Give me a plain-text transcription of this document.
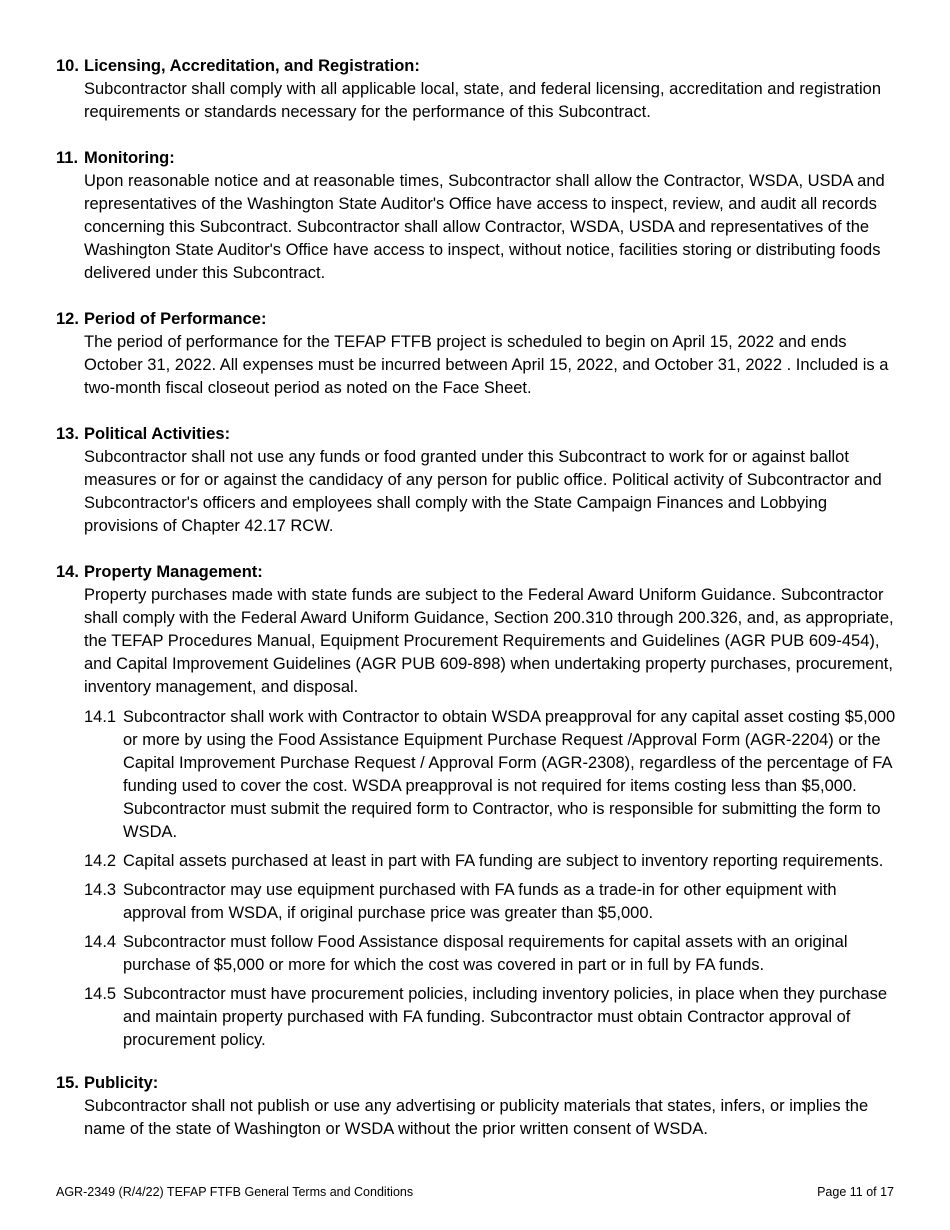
10. Licensing, Accreditation, and Registration:
Subcontractor shall comply with all applicable local, state, and federal licensing, accreditation and registration requirements or standards necessary for the performance of this Subcontract.
11. Monitoring:
Upon reasonable notice and at reasonable times, Subcontractor shall allow the Contractor, WSDA, USDA and representatives of the Washington State Auditor's Office have access to inspect, review, and audit all records concerning this Subcontract. Subcontractor shall allow Contractor, WSDA, USDA and representatives of the Washington State Auditor's Office have access to inspect, without notice, facilities storing or distributing foods delivered under this Subcontract.
12. Period of Performance:
The period of performance for the TEFAP FTFB project is scheduled to begin on April 15, 2022 and ends October 31, 2022. All expenses must be incurred between April 15, 2022, and October 31, 2022 . Included is a two-month fiscal closeout period as noted on the Face Sheet.
13. Political Activities:
Subcontractor shall not use any funds or food granted under this Subcontract to work for or against ballot measures or for or against the candidacy of any person for public office. Political activity of Subcontractor and Subcontractor's officers and employees shall comply with the State Campaign Finances and Lobbying provisions of Chapter 42.17 RCW.
14. Property Management:
Property purchases made with state funds are subject to the Federal Award Uniform Guidance. Subcontractor shall comply with the Federal Award Uniform Guidance, Section 200.310 through 200.326, and, as appropriate, the TEFAP Procedures Manual, Equipment Procurement Requirements and Guidelines (AGR PUB 609-454), and Capital Improvement Guidelines (AGR PUB 609-898) when undertaking property purchases, procurement, inventory management, and disposal.
14.1 Subcontractor shall work with Contractor to obtain WSDA preapproval for any capital asset costing $5,000 or more by using the Food Assistance Equipment Purchase Request /Approval Form (AGR-2204) or the Capital Improvement Purchase Request / Approval Form (AGR-2308), regardless of the percentage of FA funding used to cover the cost. WSDA preapproval is not required for items costing less than $5,000. Subcontractor must submit the required form to Contractor, who is responsible for submitting the form to WSDA.
14.2 Capital assets purchased at least in part with FA funding are subject to inventory reporting requirements.
14.3 Subcontractor may use equipment purchased with FA funds as a trade-in for other equipment with approval from WSDA, if original purchase price was greater than $5,000.
14.4 Subcontractor must follow Food Assistance disposal requirements for capital assets with an original purchase of $5,000 or more for which the cost was covered in part or in full by FA funds.
14.5 Subcontractor must have procurement policies, including inventory policies, in place when they purchase and maintain property purchased with FA funding. Subcontractor must obtain Contractor approval of procurement policy.
15. Publicity:
Subcontractor shall not publish or use any advertising or publicity materials that states, infers, or implies the name of the state of Washington or WSDA without the prior written consent of WSDA.
AGR-2349 (R/4/22) TEFAP FTFB General Terms and Conditions	Page 11 of 17
